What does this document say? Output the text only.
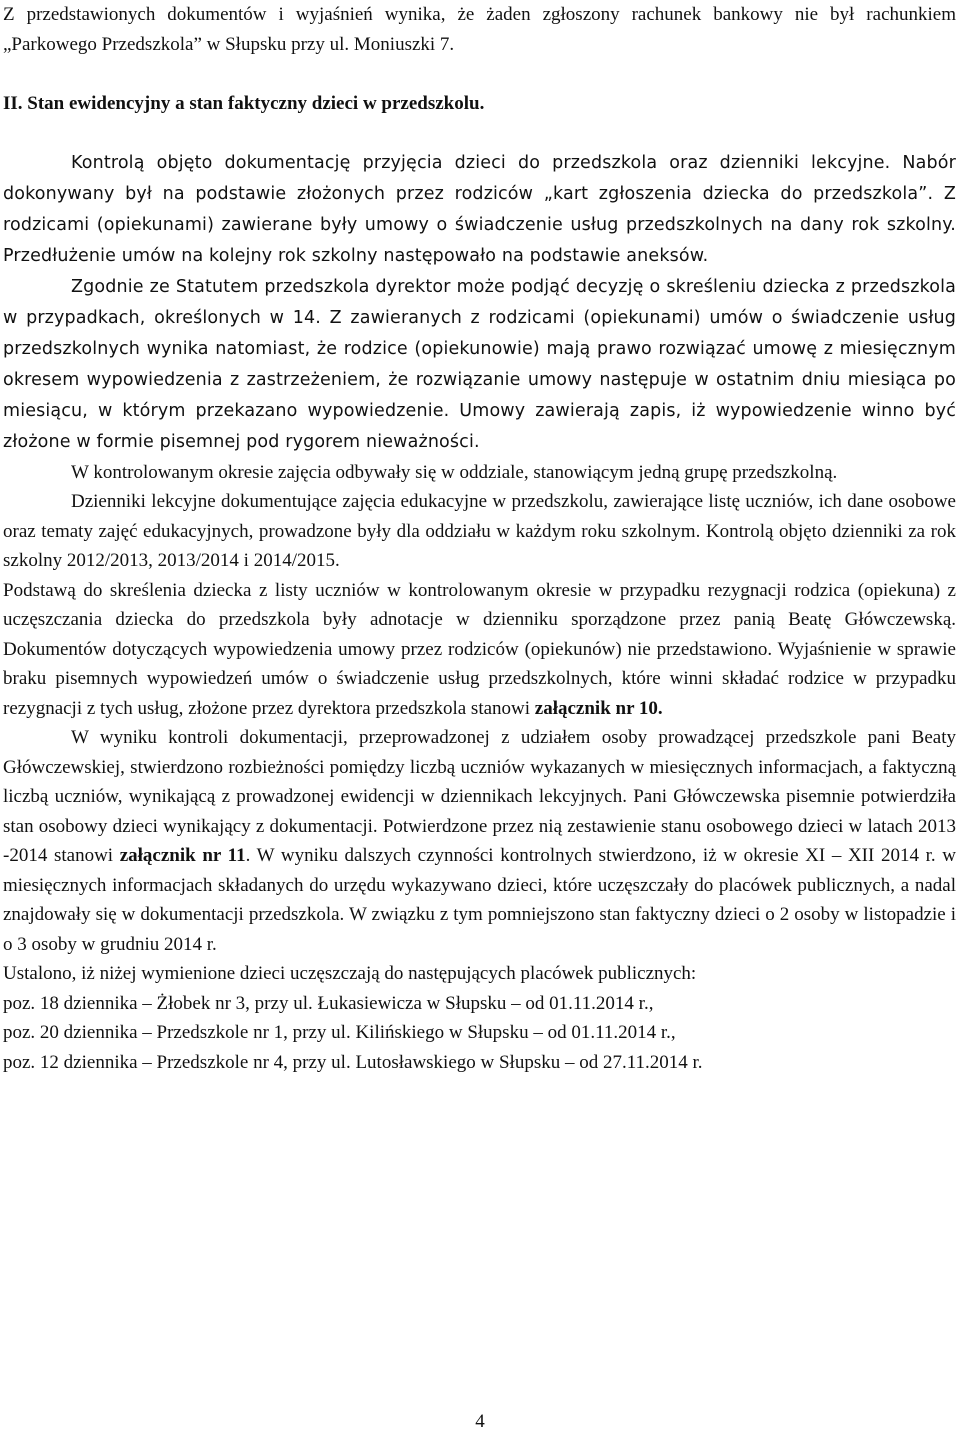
Z przedstawionych dokumentów i wyjaśnień wynika, że żaden zgłoszony rachunek bankowy nie był rachunkiem „Parkowego Przedszkola” w Słupsku przy ul. Moniuszki 7.

II. Stan ewidencyjny a stan faktyczny dzieci w przedszkolu.

Kontrolą objęto dokumentację przyjęcia dzieci do przedszkola oraz dzienniki lekcyjne. Nabór dokonywany był na podstawie złożonych przez rodziców „kart zgłoszenia dziecka do przedszkola”. Z rodzicami (opiekunami) zawierane były umowy o świadczenie usług przedszkolnych na dany rok szkolny. Przedłużenie umów na kolejny rok szkolny następowało na podstawie aneksów.

Zgodnie ze Statutem przedszkola dyrektor może podjąć decyzję o skreśleniu dziecka z przedszkola w przypadkach, określonych w 14. Z zawieranych z rodzicami (opiekunami) umów o świadczenie usług przedszkolnych wynika natomiast, że rodzice (opiekunowie) mają prawo rozwiązać umowę z miesięcznym okresem wypowiedzenia z zastrzeżeniem, że rozwiązanie umowy następuje w ostatnim dniu miesiąca po miesiącu, w którym przekazano wypowiedzenie. Umowy zawierają zapis, iż wypowiedzenie winno być złożone w formie pisemnej pod rygorem nieważności.

W kontrolowanym okresie zajęcia odbywały się w oddziale, stanowiącym jedną grupę przedszkolną.

Dzienniki lekcyjne dokumentujące zajęcia edukacyjne w przedszkolu, zawierające listę uczniów, ich dane osobowe oraz tematy zajęć edukacyjnych, prowadzone były dla oddziału w każdym roku szkolnym. Kontrolą objęto dzienniki za rok szkolny 2012/2013, 2013/2014 i 2014/2015.

Podstawą do skreślenia dziecka z listy uczniów w kontrolowanym okresie w przypadku rezygnacji rodzica (opiekuna) z uczęszczania dziecka do przedszkola były adnotacje w dzienniku sporządzone przez panią Beatę Główczewską. Dokumentów dotyczących wypowiedzenia umowy przez rodziców (opiekunów) nie przedstawiono. Wyjaśnienie w sprawie braku pisemnych wypowiedzeń umów o świadczenie usług przedszkolnych, które winni składać rodzice w przypadku rezygnacji z tych usług, złożone przez dyrektora przedszkola stanowi załącznik nr 10.

W wyniku kontroli dokumentacji, przeprowadzonej z udziałem osoby prowadzącej przedszkole pani Beaty Główczewskiej, stwierdzono rozbieżności pomiędzy liczbą uczniów wykazanych w miesięcznych informacjach, a faktyczną liczbą uczniów, wynikającą z prowadzonej ewidencji w dziennikach lekcyjnych. Pani Główczewska pisemnie potwierdziła stan osobowy dzieci wynikający z dokumentacji. Potwierdzone przez nią zestawienie stanu osobowego dzieci w latach 2013 -2014 stanowi załącznik nr 11. W wyniku dalszych czynności kontrolnych stwierdzono, iż w okresie XI – XII 2014 r. w miesięcznych informacjach składanych do urzędu wykazywano dzieci, które uczęszczały do placówek publicznych, a nadal znajdowały się w dokumentacji przedszkola. W związku z tym pomniejszono stan faktyczny dzieci o 2 osoby w listopadzie i o 3 osoby w grudniu 2014 r.

Ustalono, iż niżej wymienione dzieci uczęszczają do następujących placówek publicznych:

poz. 18 dziennika – Żłobek nr 3, przy ul. Łukasiewicza w Słupsku – od 01.11.2014 r.,

poz. 20 dziennika – Przedszkole nr 1, przy ul. Kilińskiego w Słupsku – od 01.11.2014 r.,

poz. 12 dziennika – Przedszkole nr 4, przy ul. Lutosławskiego w Słupsku – od 27.11.2014 r.

4
